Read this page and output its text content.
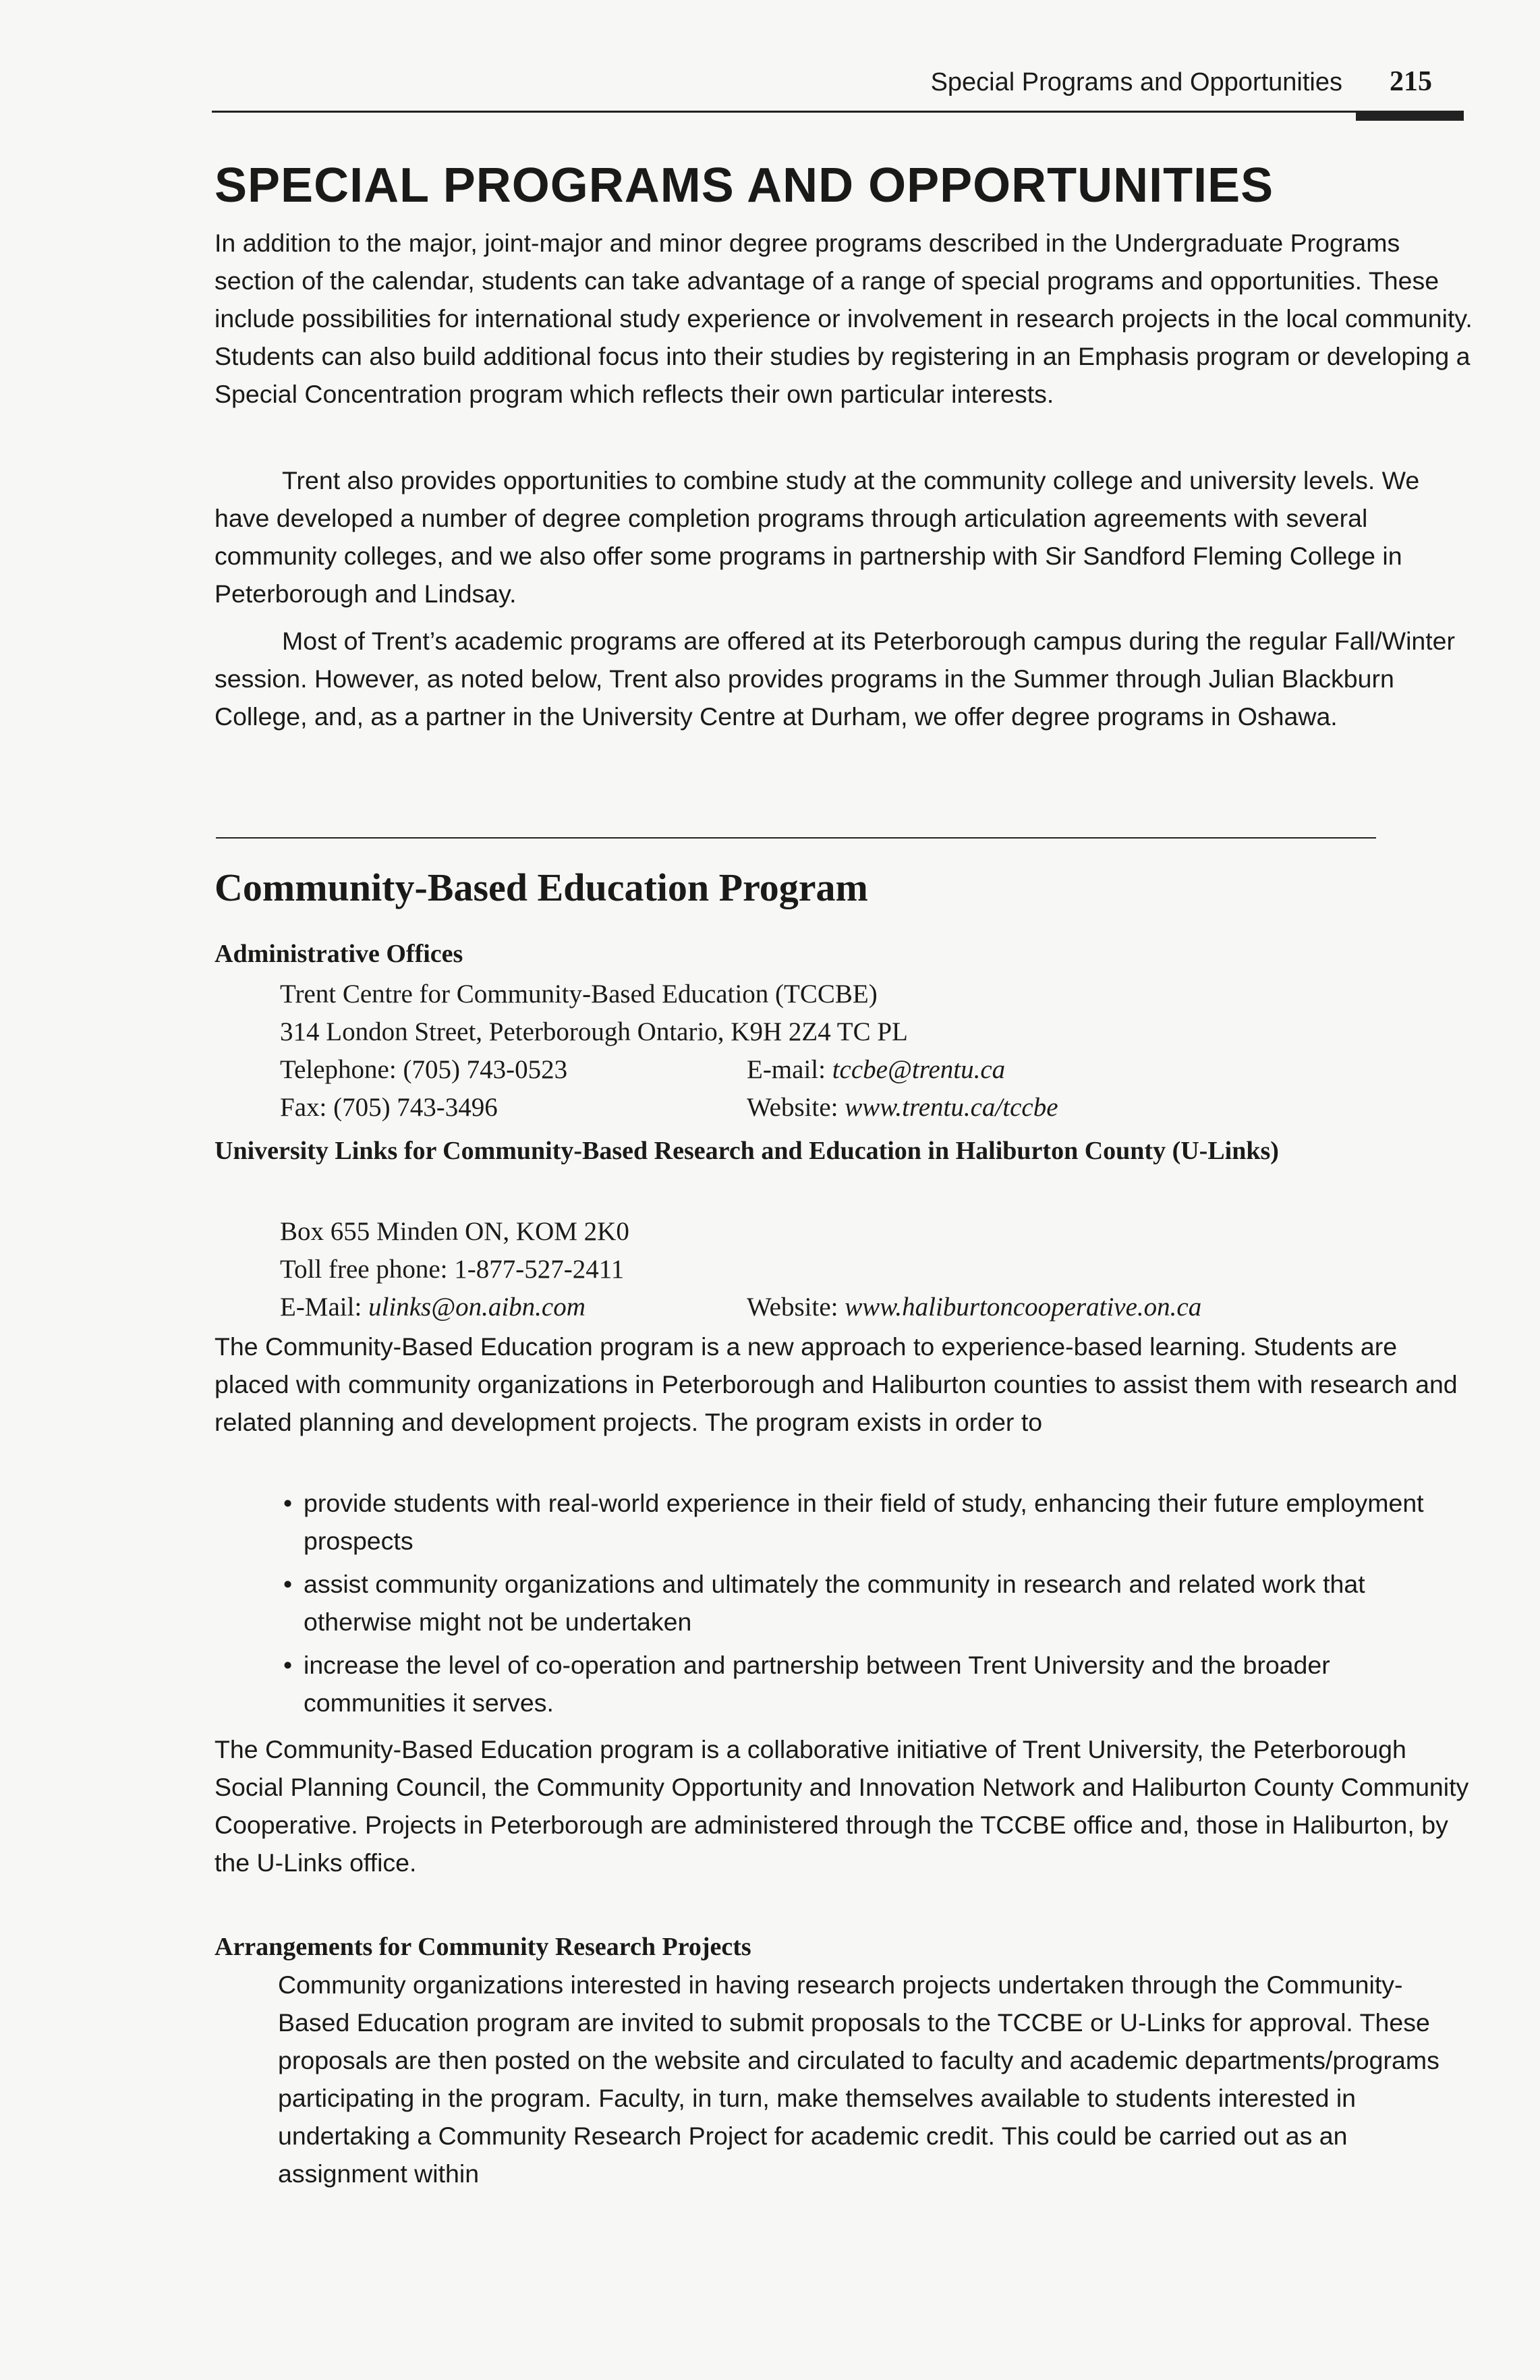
Special Programs and Opportunities 215
SPECIAL PROGRAMS AND OPPORTUNITIES

In addition to the major, joint-major and minor degree programs described in the Undergraduate Programs section of the calendar, students can take advantage of a range of special programs and opportunities. These include possibilities for international study experience or involvement in research projects in the local community. Students can also build additional focus into their studies by registering in an Emphasis program or developing a Special Concentration program which reflects their own particular interests.

Trent also provides opportunities to combine study at the community college and university levels. We have developed a number of degree completion programs through articulation agreements with several community colleges, and we also offer some programs in partnership with Sir Sandford Fleming College in Peterborough and Lindsay.

Most of Trent’s academic programs are offered at its Peterborough campus during the regular Fall/Winter session. However, as noted below, Trent also provides programs in the Summer through Julian Blackburn College, and, as a partner in the University Centre at Durham, we offer degree programs in Oshawa.

Community-Based Education Program
Administrative Offices
Trent Centre for Community-Based Education (TCCBE)
314 London Street, Peterborough Ontario, K9H 2Z4 TC PL
Telephone: (705) 743-0523	E-mail: tccbe@trentu.ca
Fax: (705) 743-3496	Website: www.trentu.ca/tccbe
University Links for Community-Based Research and Education in Haliburton County (U-Links)
Box 655 Minden ON, KOM 2K0
Toll free phone: 1-877-527-2411
E-Mail: ulinks@on.aibn.com	Website: www.haliburtoncooperative.on.ca

The Community-Based Education program is a new approach to experience-based learning. Students are placed with community organizations in Peterborough and Haliburton counties to assist them with research and related planning and development projects. The program exists in order to

• provide students with real-world experience in their field of study, enhancing their future employment prospects
• assist community organizations and ultimately the community in research and related work that otherwise might not be undertaken
• increase the level of co-operation and partnership between Trent University and the broader communities it serves.

The Community-Based Education program is a collaborative initiative of Trent University, the Peterborough Social Planning Council, the Community Opportunity and Innovation Network and Haliburton County Community Cooperative. Projects in Peterborough are administered through the TCCBE office and, those in Haliburton, by the U-Links office.

Arrangements for Community Research Projects

Community organizations interested in having research projects undertaken through the Community-Based Education program are invited to submit proposals to the TCCBE or U-Links for approval. These proposals are then posted on the website and circulated to faculty and academic departments/programs participating in the program. Faculty, in turn, make themselves available to students interested in undertaking a Community Research Project for academic credit. This could be carried out as an assignment within
